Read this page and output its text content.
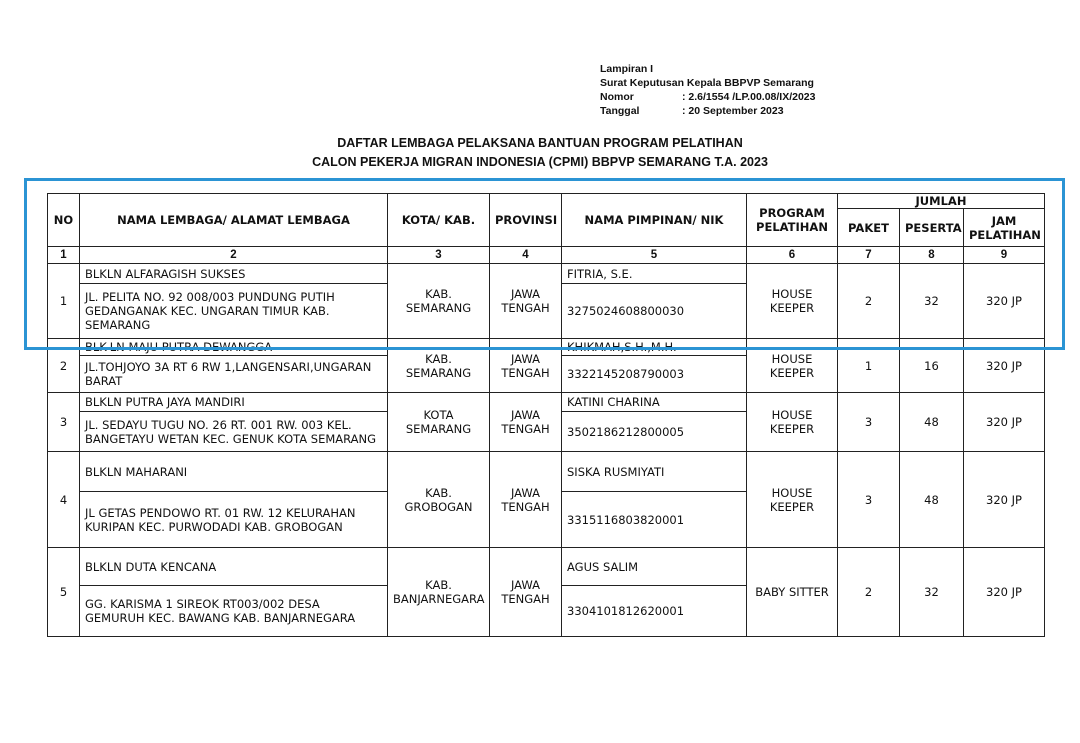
Lampiran I
Surat Keputusan Kepala BBPVP Semarang
Nomor	: 2.6/1554 /LP.00.08/IX/2023
Tanggal	: 20 September 2023
DAFTAR LEMBAGA PELAKSANA BANTUAN PROGRAM PELATIHAN
CALON PEKERJA MIGRAN INDONESIA (CPMI) BBPVP SEMARANG T.A. 2023
NO	NAMA LEMBAGA/ ALAMAT LEMBAGA	KOTA/ KAB.	PROVINSI	NAMA PIMPINAN/ NIK	PROGRAM PELATIHAN	JUMLAH		
						PAKET	PESERTA	JAM PELATIHAN
1	2	3	4	5	6	7	8	9
1	BLKLN ALFARAGISH SUKSES	KAB. SEMARANG	JAWA TENGAH	FITRIA, S.E.	HOUSE KEEPER	2	32	320 JP
	JL. PELITA NO. 92 008/003 PUNDUNG PUTIH GEDANGANAK KEC. UNGARAN TIMUR KAB. SEMARANG			3275024608800030				
2	BLK-LN MAJU PUTRA DEWANGGA	KAB. SEMARANG	JAWA TENGAH	KHIKMAH,S.H.,M.H.	HOUSE KEEPER	1	16	320 JP
	JL.TOHJOYO 3A RT 6 RW 1,LANGENSARI,UNGARAN BARAT			3322145208790003				
3	BLKLN PUTRA JAYA MANDIRI	KOTA SEMARANG	JAWA TENGAH	KATINI CHARINA	HOUSE KEEPER	3	48	320 JP
	JL. SEDAYU TUGU NO. 26 RT. 001 RW. 003 KEL. BANGETAYU WETAN KEC. GENUK KOTA SEMARANG			3502186212800005				
4	BLKLN MAHARANI	KAB. GROBOGAN	JAWA TENGAH	SISKA RUSMIYATI	HOUSE KEEPER	3	48	320 JP
	JL GETAS PENDOWO RT. 01 RW. 12 KELURAHAN KURIPAN KEC. PURWODADI KAB. GROBOGAN			3315116803820001				
5	BLKLN DUTA KENCANA	KAB. BANJARNEGARA	JAWA TENGAH	AGUS SALIM	BABY SITTER	2	32	320 JP
	GG. KARISMA 1 SIREOK RT003/002 DESA GEMURUH KEC. BAWANG KAB. BANJARNEGARA			3304101812620001				
